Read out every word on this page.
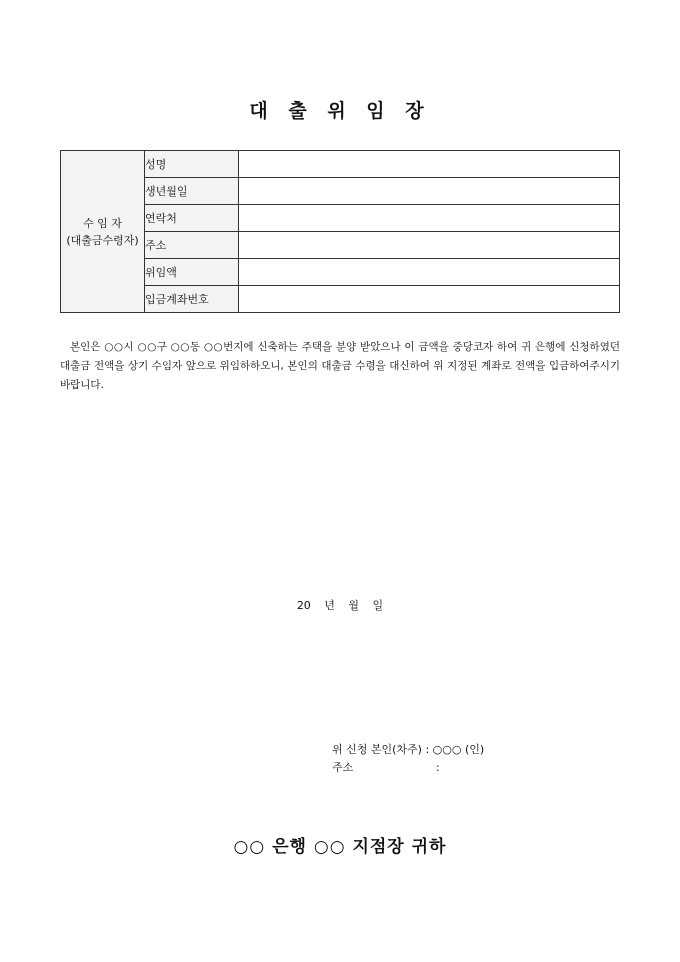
대 출 위 임 장
수 임 자
(대출금수령자)	성명	
	생년월일	
	연락처	
	주소	
	위임액	
	입금계좌번호	
본인은 ○○시 ○○구 ○○동 ○○번지에 신축하는 주택을 분양 받았으나 이 금액을 중당코자 하여 귀 은행에 신청하였던 대출금 전액을 상기 수임자 앞으로 위임하하오니, 본인의 대출금 수령을 대신하여 위 지정된 계좌로 전액을 입금하여주시기 바랍니다.
20 년 월 일
위 신청 본인(차주) : ○○○ (인)
주소	:
○○ 은행 ○○ 지점장 귀하
